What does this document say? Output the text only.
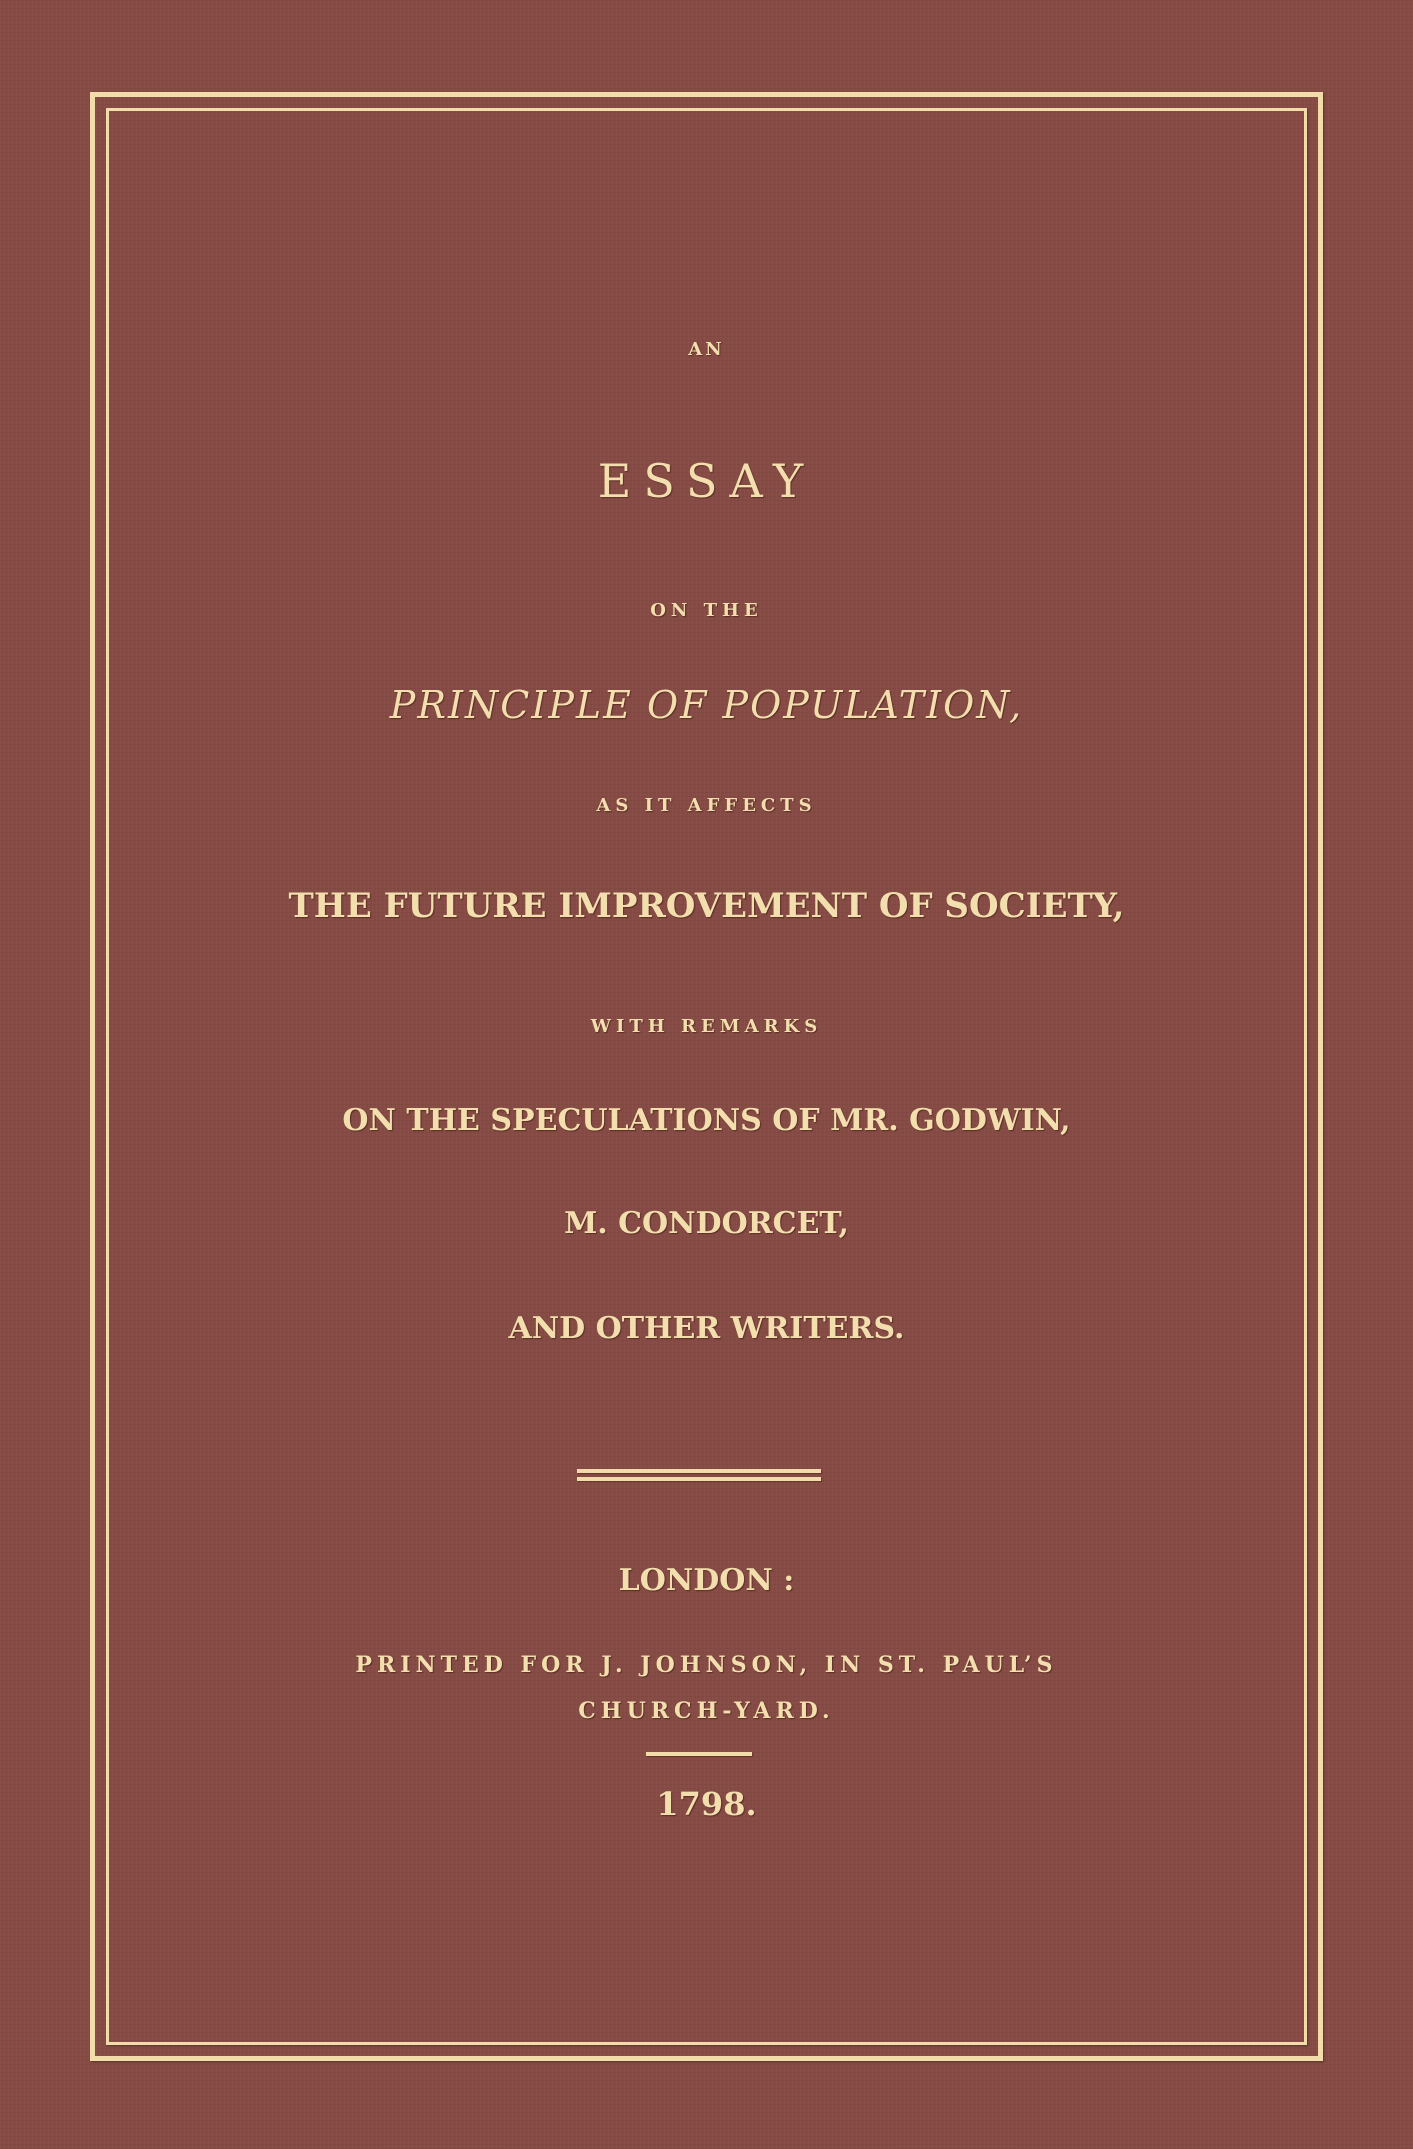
AN
ESSAY
ON THE
PRINCIPLE OF POPULATION,
AS IT AFFECTS
THE FUTURE IMPROVEMENT OF SOCIETY,
WITH REMARKS
ON THE SPECULATIONS OF MR. GODWIN,
M. CONDORCET,
AND OTHER WRITERS.
LONDON :
PRINTED FOR J. JOHNSON, IN ST. PAUL’S
CHURCH-YARD.
1798.
